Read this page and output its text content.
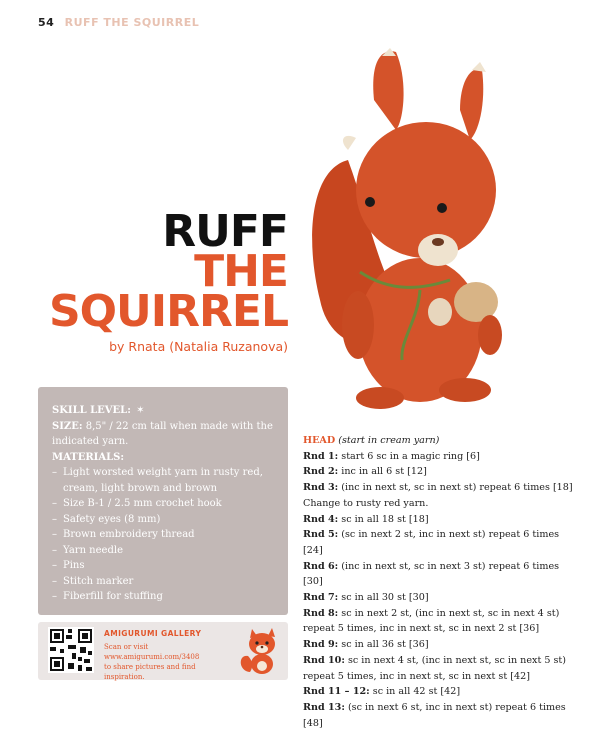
54 RUFF THE SQUIRREL
RUFF
THE
SQUIRREL
by Rnata (Natalia Ruzanova)
SKILL LEVEL: ✶
SIZE: 8,5" / 22 cm tall when made with the indicated yarn.
MATERIALS:
– Light worsted weight yarn in rusty red, cream, light brown and brown
– Size B-1 / 2.5 mm crochet hook
– Safety eyes (8 mm)
– Brown embroidery thread
– Yarn needle
– Pins
– Stitch marker
– Fiberfill for stuffing
AMIGURUMI GALLERY
Scan or visit
www.amigurumi.com/3408
to share pictures and find inspiration.
HEAD (start in cream yarn)
Rnd 1: start 6 sc in a magic ring [6]
Rnd 2: inc in all 6 st [12]
Rnd 3: (inc in next st, sc in next st) repeat 6 times [18]
Change to rusty red yarn.
Rnd 4: sc in all 18 st [18]
Rnd 5: (sc in next 2 st, inc in next st) repeat 6 times [24]
Rnd 6: (inc in next st, sc in next 3 st) repeat 6 times [30]
Rnd 7: sc in all 30 st [30]
Rnd 8: sc in next 2 st, (inc in next st, sc in next 4 st) repeat 5 times, inc in next st, sc in next 2 st [36]
Rnd 9: sc in all 36 st [36]
Rnd 10: sc in next 4 st, (inc in next st, sc in next 5 st) repeat 5 times, inc in next st, sc in next st [42]
Rnd 11 – 12: sc in all 42 st [42]
Rnd 13: (sc in next 6 st, inc in next st) repeat 6 times [48]
